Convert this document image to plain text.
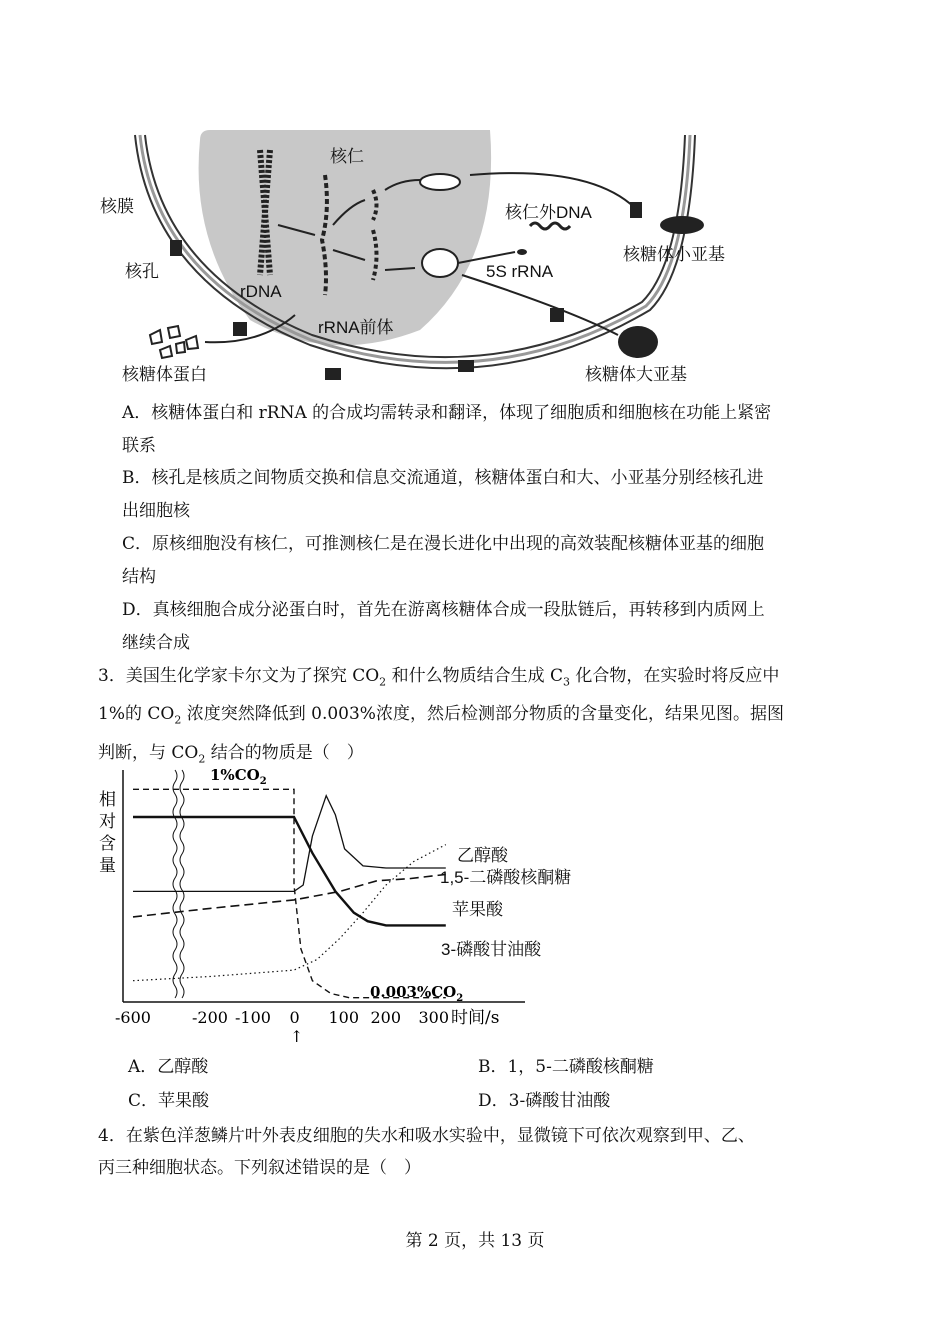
核仁
核膜
核孔
rDNA
rRNA前体
核仁外DNA
5S rRNA
核糖体小亚基
核糖体大亚基
核糖体蛋白
A．核糖体蛋白和 rRNA 的合成均需转录和翻译，体现了细胞质和细胞核在功能上紧密
联系
B．核孔是核质之间物质交换和信息交流通道，核糖体蛋白和大、小亚基分别经核孔进
出细胞核
C．原核细胞没有核仁，可推测核仁是在漫长进化中出现的高效装配核糖体亚基的细胞
结构
D．真核细胞合成分泌蛋白时，首先在游离核糖体合成一段肽链后，再转移到内质网上
继续合成
3．美国生化学家卡尔文为了探究 $CO_2$ 和什么物质结合生成 $C_3$ 化合物，在实验时将反应中
1%的 $CO_2$ 浓度突然降低到 0.003%浓度，然后检测部分物质的含量变化，结果见图。据图
判断，与 $CO_2$ 结合的物质是（　）
相
对
含
量
-600	-200 -100 0 100 200 300
$1\%CO_2$
$0.003\%CO_2$
时间/s
↑
乙醇酸
1,5-二磷酸核酮糖
苹果酸
3-磷酸甘油酸
A．乙醇酸	B．1，5-二磷酸核酮糖
C．苹果酸	D．3-磷酸甘油酸
4．在紫色洋葱鳞片叶外表皮细胞的失水和吸水实验中，显微镜下可依次观察到甲、乙、
丙三种细胞状态。下列叙述错误的是（　）
第 2 页，共 13 页
